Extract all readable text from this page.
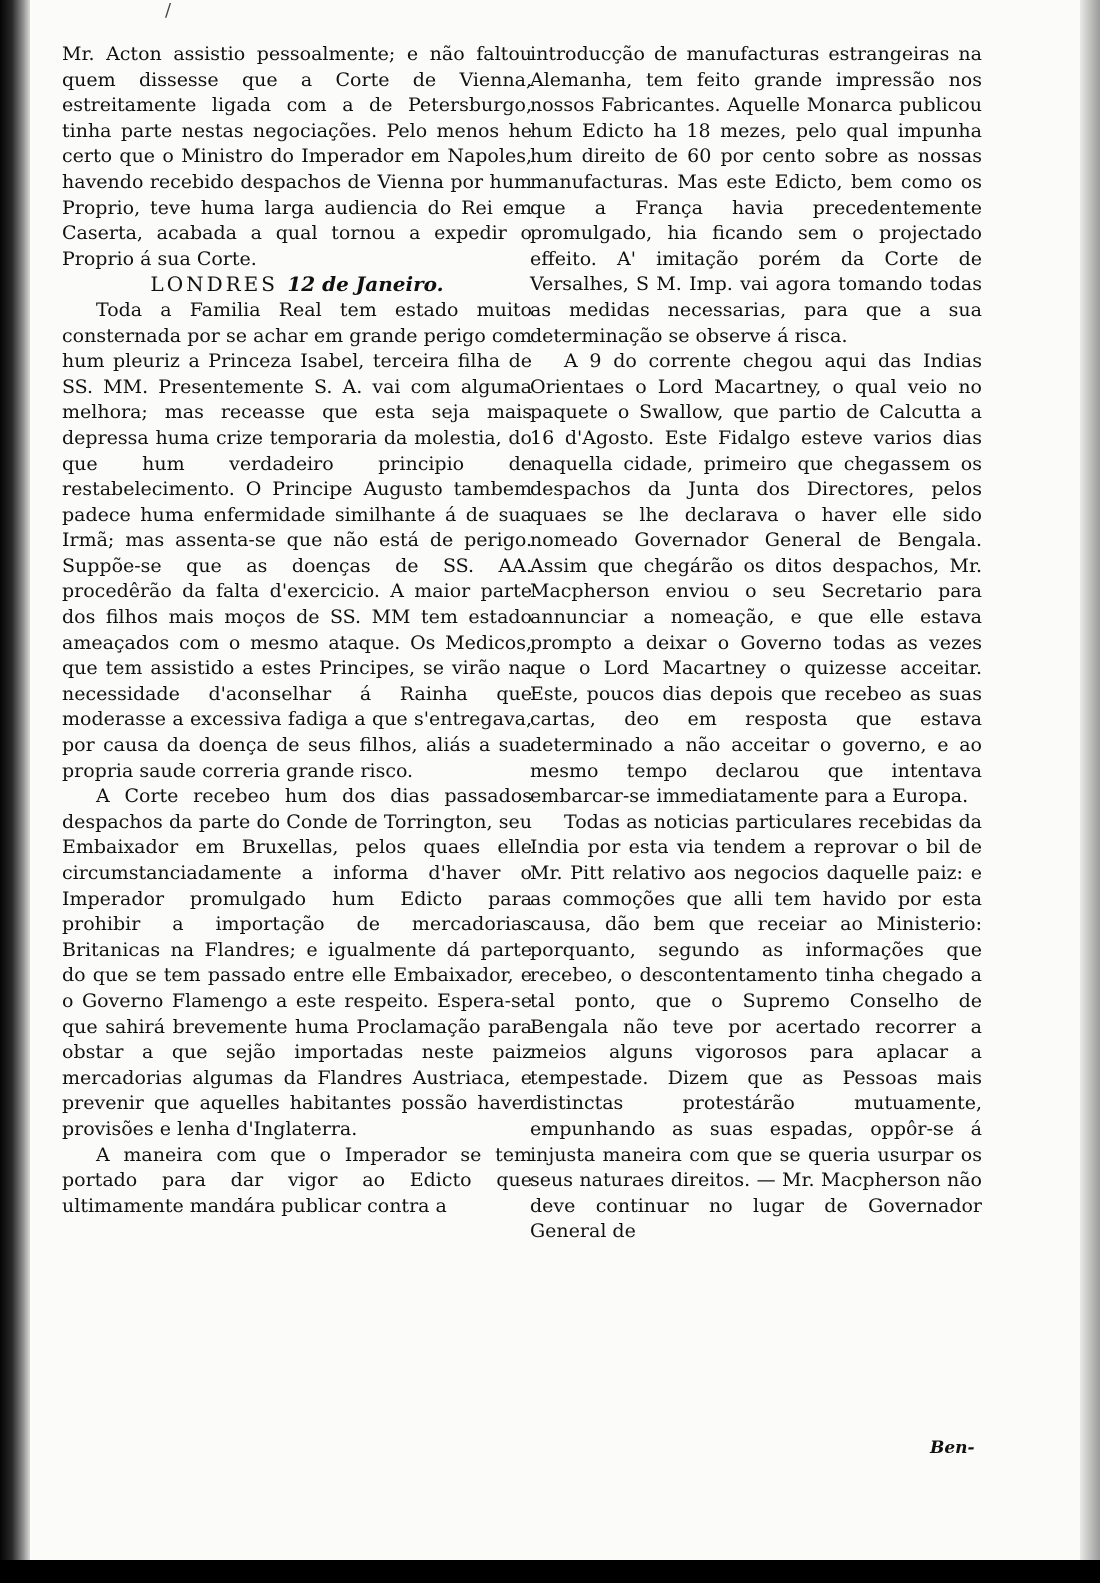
/

Mr. Acton assistio pessoalmente; e não faltou quem dissesse que a Corte de Vienna, estreitamente ligada com a de Petersburgo, tinha parte nestas negociações. Pelo menos he certo que o Ministro do Imperador em Napoles, havendo recebido despachos de Vienna por hum Proprio, teve huma larga audiencia do Rei em Caserta, acabada a qual tornou a expedir o Proprio á sua Corte.

LONDRES 12 de Janeiro.

Toda a Familia Real tem estado muito consternada por se achar em grande perigo com hum pleuriz a Princeza Isabel, terceira filha de SS. MM. Presentemente S. A. vai com alguma melhora; mas receasse que esta seja mais depressa huma crize temporaria da molestia, do que hum verdadeiro principio de restabelecimento. O Principe Augusto tambem padece huma enfermidade similhante á de sua Irmã; mas assenta-se que não está de perigo. Suppõe-se que as doenças de SS. AA. procedêrão da falta d'exercicio. A maior parte dos filhos mais moços de SS. MM tem estado ameaçados com o mesmo ataque. Os Medicos, que tem assistido a estes Principes, se virão na necessidade d'aconselhar á Rainha que moderasse a excessiva fadiga a que s'entregava, por causa da doença de seus filhos, aliás a sua propria saude correria grande risco.

A Corte recebeo hum dos dias passados despachos da parte do Conde de Torrington, seu Embaixador em Bruxellas, pelos quaes elle circumstanciadamente a informa d'haver o Imperador promulgado hum Edicto para prohibir a importação de mercadorias Britanicas na Flandres; e igualmente dá parte do que se tem passado entre elle Embaixador, e o Governo Flamengo a este respeito. Espera-se que sahirá brevemente huma Proclamação para obstar a que sejão importadas neste paiz mercadorias algumas da Flandres Austriaca, e prevenir que aquelles habitantes possão haver provisões e lenha d'Inglaterra.

A maneira com que o Imperador se tem portado para dar vigor ao Edicto que ultimamente mandára publicar contra a

introducção de manufacturas estrangeiras na Alemanha, tem feito grande impressão nos nossos Fabricantes. Aquelle Monarca publicou hum Edicto ha 18 mezes, pelo qual impunha hum direito de 60 por cento sobre as nossas manufacturas. Mas este Edicto, bem como os que a França havia precedentemente promulgado, hia ficando sem o projectado effeito. A' imitação porém da Corte de Versalhes, S M. Imp. vai agora tomando todas as medidas necessarias, para que a sua determinação se observe á risca.

A 9 do corrente chegou aqui das Indias Orientaes o Lord Macartney, o qual veio no paquete o Swallow, que partio de Calcutta a 16 d'Agosto. Este Fidalgo esteve varios dias naquella cidade, primeiro que chegassem os despachos da Junta dos Directores, pelos quaes se lhe declarava o haver elle sido nomeado Governador General de Bengala. Assim que chegárão os ditos despachos, Mr. Macpherson enviou o seu Secretario para annunciar a nomeação, e que elle estava prompto a deixar o Governo todas as vezes que o Lord Macartney o quizesse acceitar. Este, poucos dias depois que recebeo as suas cartas, deo em resposta que estava determinado a não acceitar o governo, e ao mesmo tempo declarou que intentava embarcar-se immediatamente para a Europa.

Todas as noticias particulares recebidas da India por esta via tendem a reprovar o bil de Mr. Pitt relativo aos negocios daquelle paiz: e as commoções que alli tem havido por esta causa, dão bem que receiar ao Ministerio: porquanto, segundo as informações que recebeo, o descontentamento tinha chegado a tal ponto, que o Supremo Conselho de Bengala não teve por acertado recorrer a meios alguns vigorosos para aplacar a tempestade. Dizem que as Pessoas mais distinctas protestárão mutuamente, empunhando as suas espadas, oppôr-se á injusta maneira com que se queria usurpar os seus naturaes direitos. — Mr. Macpherson não deve continuar no lugar de Governador General de

Ben-
